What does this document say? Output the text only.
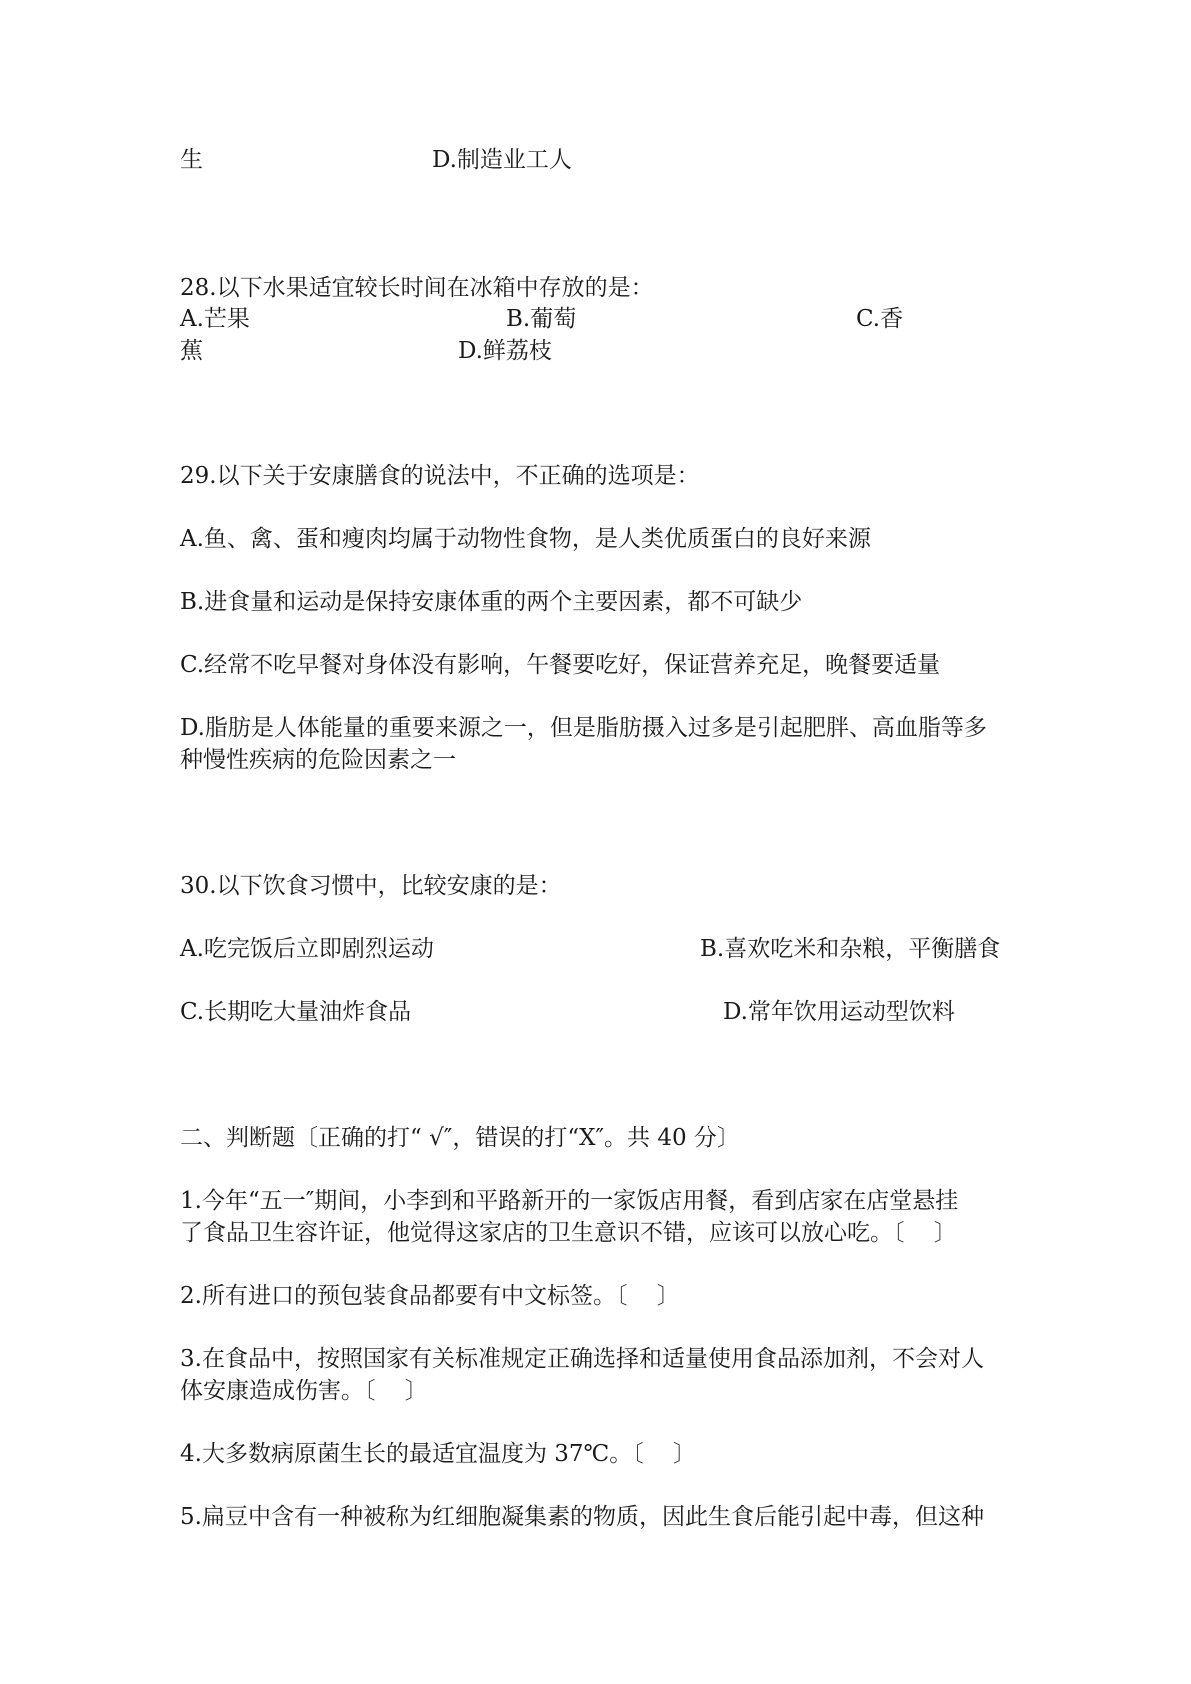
生	D.制造业工人

28.以下水果适宜较长时间在冰箱中存放的是：

A.芒果	B.葡萄	C.香

蕉	D.鲜荔枝

29.以下关于安康膳食的说法中，不正确的选项是：

A.鱼、禽、蛋和瘦肉均属于动物性食物，是人类优质蛋白的良好来源

B.进食量和运动是保持安康体重的两个主要因素，都不可缺少

C.经常不吃早餐对身体没有影响，午餐要吃好，保证营养充足，晚餐要适量

D.脂肪是人体能量的重要来源之一，但是脂肪摄入过多是引起肥胖、高血脂等多

种慢性疾病的危险因素之一

30.以下饮食习惯中，比较安康的是：

A.吃完饭后立即剧烈运动	B.喜欢吃米和杂粮，平衡膳食

C.长期吃大量油炸食品	D.常年饮用运动型饮料

二、判断题〔正确的打“ √″，错误的打“X″。共 40 分〕

1.今年“五一″期间，小李到和平路新开的一家饭店用餐，看到店家在店堂悬挂

了食品卫生容许证，他觉得这家店的卫生意识不错，应该可以放心吃。〔    〕

2.所有进口的预包装食品都要有中文标签。〔    〕

3.在食品中，按照国家有关标准规定正确选择和适量使用食品添加剂，不会对人

体安康造成伤害。〔    〕

4.大多数病原菌生长的最适宜温度为 37℃。〔    〕

5.扁豆中含有一种被称为红细胞凝集素的物质，因此生食后能引起中毒，但这种
